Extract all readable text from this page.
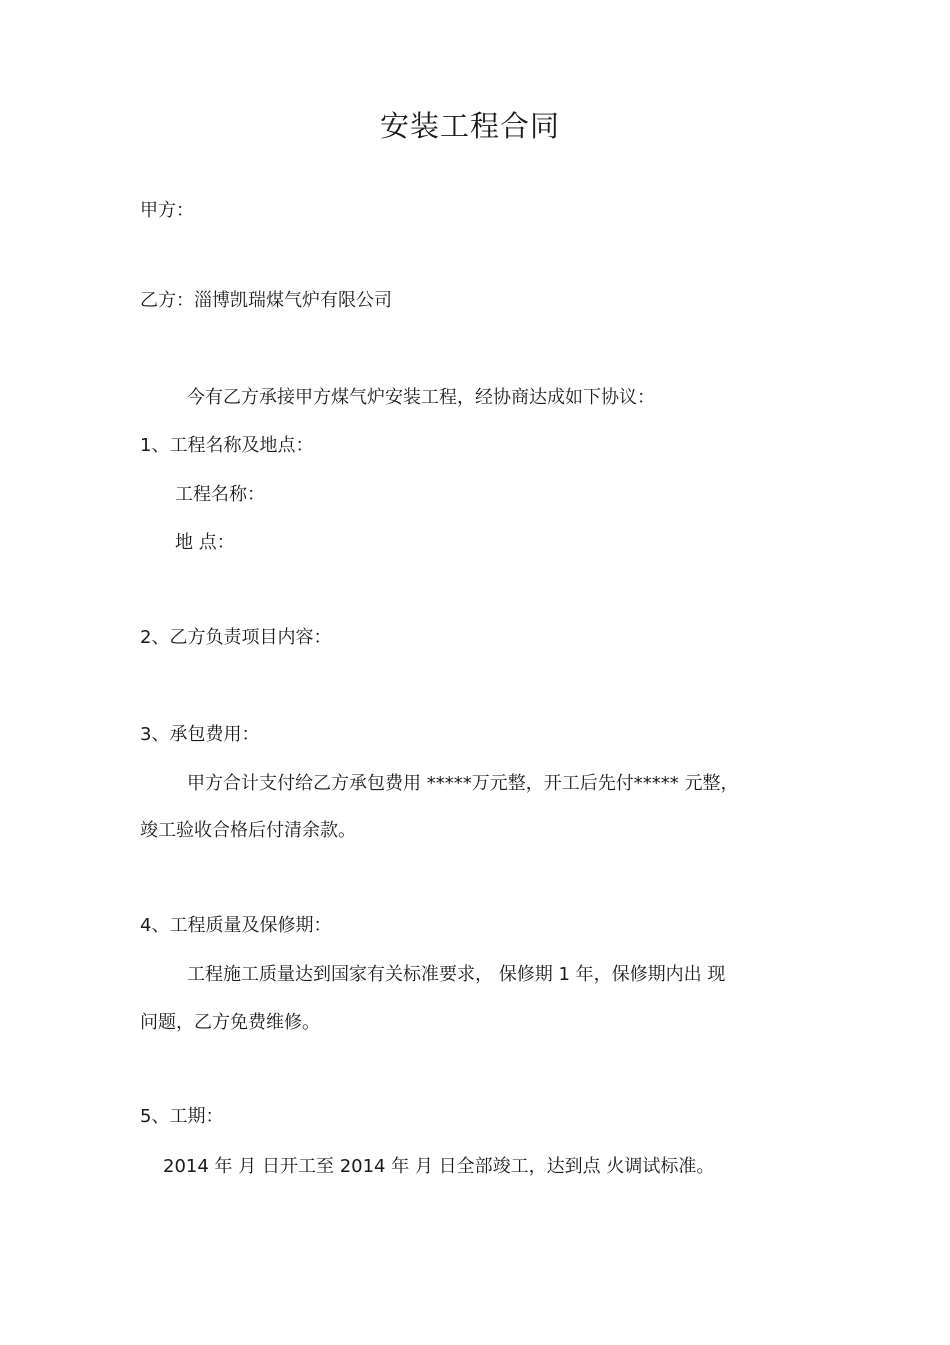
安装工程合同
甲方：
乙方：淄博凯瑞煤气炉有限公司
今有乙方承接甲方煤气炉安装工程，经协商达成如下协议：
1、工程名称及地点：
工程名称：
地 点：
2、乙方负责项目内容：
3、承包费用：
甲方合计支付给乙方承包费用 *****万元整，开工后先付***** 元整，
竣工验收合格后付清余款。
4、工程质量及保修期：
工程施工质量达到国家有关标准要求， 保修期 1 年，保修期内出 现
问题，乙方免费维修。
5、工期：
2014 年 月 日开工至 2014 年 月 日全部竣工，达到点 火调试标准。
